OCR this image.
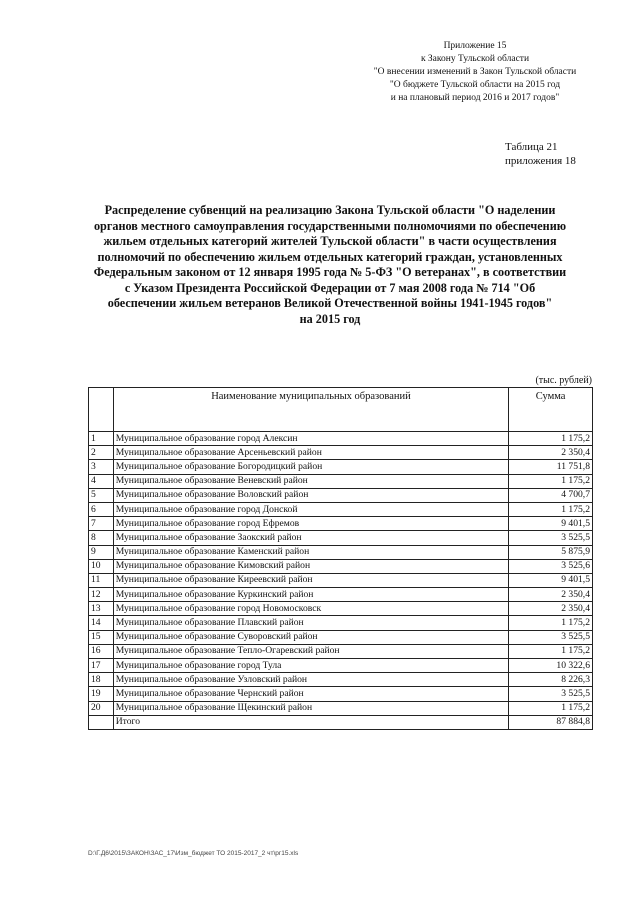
Приложение 15
к Закону Тульской области
"О внесении изменений в Закон Тульской области
"О бюджете Тульской области на 2015 год
и на плановый период 2016 и 2017 годов"
Таблица 21
приложения 18
Распределение субвенций на реализацию Закона Тульской области "О наделении
органов местного самоуправления государственными полномочиями по обеспечению
жильем отдельных категорий жителей Тульской области" в части осуществления
полномочий по обеспечению жильем отдельных категорий граждан, установленных
Федеральным законом от 12 января 1995 года № 5-ФЗ "О ветеранах", в соответствии
с Указом Президента Российской Федерации от 7 мая 2008 года № 714 "Об
обеспечении жильем ветеранов Великой Отечественной войны 1941-1945 годов"
на 2015 год
(тыс. рублей)
	Наименование муниципальных образований	Сумма
1	Муниципальное образование город Алексин	1 175,2
2	Муниципальное образование Арсеньевский район	2 350,4
3	Муниципальное образование Богородицкий район	11 751,8
4	Муниципальное образование Веневский район	1 175,2
5	Муниципальное образование Воловский район	4 700,7
6	Муниципальное образование город Донской	1 175,2
7	Муниципальное образование город Ефремов	9 401,5
8	Муниципальное образование Заокский район	3 525,5
9	Муниципальное образование Каменский район	5 875,9
10	Муниципальное образование Кимовский район	3 525,6
11	Муниципальное образование Киреевский район	9 401,5
12	Муниципальное образование Куркинский район	2 350,4
13	Муниципальное образование город Новомосковск	2 350,4
14	Муниципальное образование Плавский район	1 175,2
15	Муниципальное образование Суворовский район	3 525,5
16	Муниципальное образование Тепло-Огаревский район	1 175,2
17	Муниципальное образование город Тула	10 322,6
18	Муниципальное образование Узловский район	8 226,3
19	Муниципальное образование Чернский район	3 525,5
20	Муниципальное образование Щекинский район	1 175,2
	Итого	87 884,8
D:\Г.Д6\2015\ЗАКОН\ЗАС_17\Изм_бюджет ТО 2015-2017_2 чт\рг15.xls
